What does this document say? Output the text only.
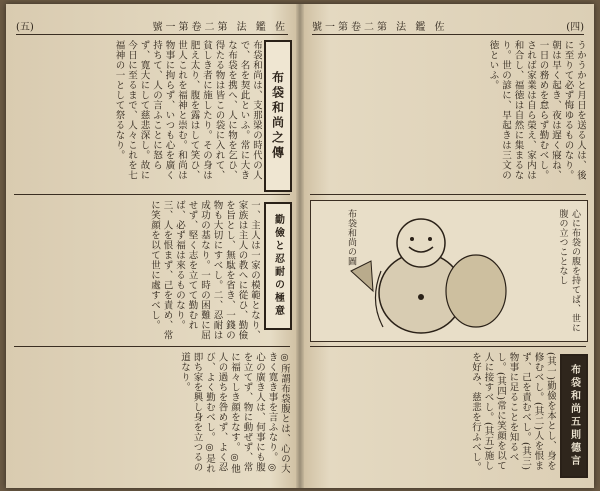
(五)	號一第卷二第 法 鑑 佐
布袋和尚は、支那梁の時代の人で、名を契此といふ。常に大きな布袋を携へ、人に物を乞ひ、得たる物は皆この袋に入れて、貧しき者に施したり。その身は肥え太り、腹を露はして笑ひ、世人これを福神と崇む。和尚は物事に拘らず、いつも心を廣く持ちて、人の言ふことに怒らず、寛大にして慈悲深し。故に今日に至るまで、人々これを七福神の一として祭るなり。	布袋和尚之傳
一、主人は一家の模範となり、家族は主人の教へに從ひ、勤儉を旨とし、無駄を省き、一錢の物も大切にすべし。二、忍耐は成功の基なり。一時の困難に屈せず、堅く志を立てて勤むれば、必ず福は來るものなり。三、人を恨まず、己を責め、常に笑顔を以て世に處すべし。	勤儉と忍耐の極意
◎所謂布袋腹とは、心の大きく寛き事を言ふなり。◎心の廣き人は、何事にも腹を立てず、物に動ぜず、常に福々しき顔をなす。◎他人の過ちを咎めず、よく忍び、よく勤むべし。◎是れ即ち家を興し身を立つるの道なり。
號一第卷二第 法 鑑 佐	(四)
うかうかと月日を送る人は、後に至りて必ず悔ゆるものなり。朝は早く起き、夜は遅く寢ね、一日の務めを怠らず勤むべし。されば家業は自ら榮え、家内は和合し、福徳は自然に集まるなり。世の諺に、早起きは三文の徳といふ。
布袋和尚の圖	心に布袋の腹を持てば、世に腹の立つことなし
(其一)勤儉を本とし、身を修むべし。(其二)人を恨まず、己を責むべし。(其三)物事に足ることを知るべし。(其四)常に笑顔を以て人に接すべし。(其五)施しを好み、慈悲を行ふべし。	布袋和尚五則德言
